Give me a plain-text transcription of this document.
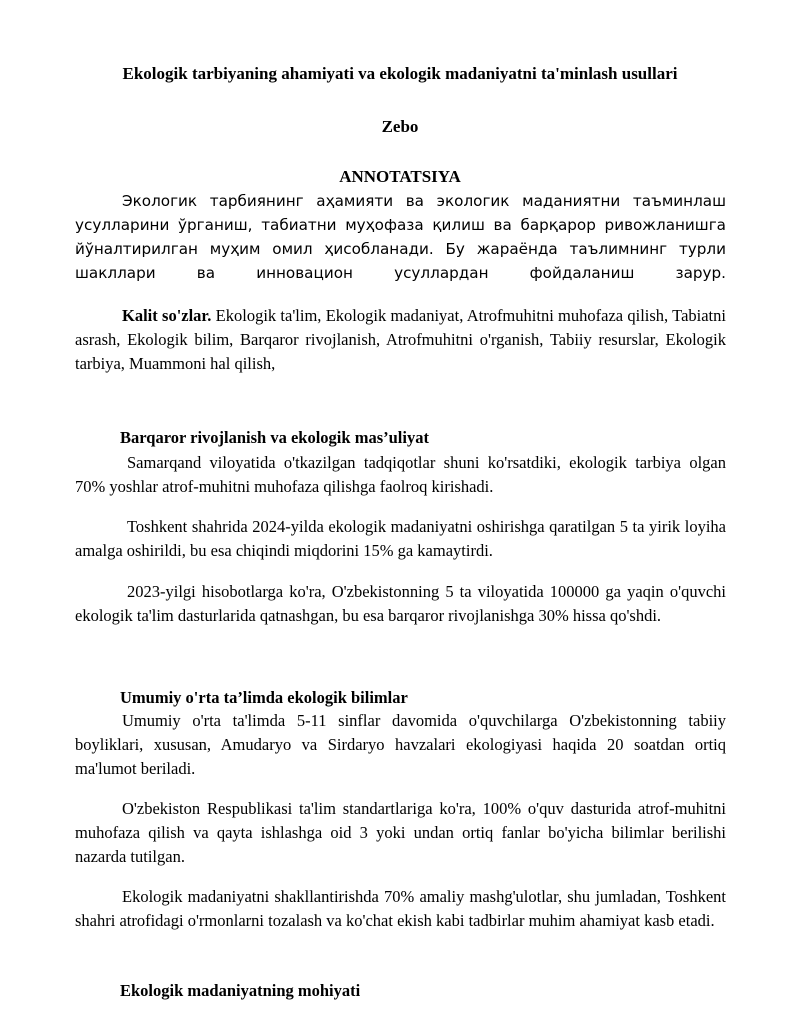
Ekologik tarbiyaning ahamiyati va ekologik madaniyatni ta'minlash usullari
Zebo
ANNOTATSIYA
Экологик тарбиянинг аҳамияти ва экологик маданиятни таъминлаш усулларини ўрганиш, табиатни муҳофаза қилиш ва барқарор ривожланишга йўналтирилган муҳим омил ҳисобланади. Бу жараёнда таълимнинг турли шакллари ва инновацион усуллардан фойдаланиш зарур.
Kalit so'zlar. Ekologik ta'lim, Ekologik madaniyat, Atrofmuhitni muhofaza qilish, Tabiatni asrash, Ekologik bilim, Barqaror rivojlanish, Atrofmuhitni o'rganish, Tabiiy resurslar, Ekologik tarbiya, Muammoni hal qilish,
Barqaror rivojlanish va ekologik mas’uliyat
Samarqand viloyatida o'tkazilgan tadqiqotlar shuni ko'rsatdiki, ekologik tarbiya olgan 70% yoshlar atrof-muhitni muhofaza qilishga faolroq kirishadi.
Toshkent shahrida 2024-yilda ekologik madaniyatni oshirishga qaratilgan 5 ta yirik loyiha amalga oshirildi, bu esa chiqindi miqdorini 15% ga kamaytirdi.
2023-yilgi hisobotlarga ko'ra, O'zbekistonning 5 ta viloyatida 100000 ga yaqin o'quvchi ekologik ta'lim dasturlarida qatnashgan, bu esa barqaror rivojlanishga 30% hissa qo'shdi.
Umumiy o'rta ta’limda ekologik bilimlar
Umumiy o'rta ta'limda 5-11 sinflar davomida o'quvchilarga O'zbekistonning tabiiy boyliklari, xususan, Amudaryo va Sirdaryo havzalari ekologiyasi haqida 20 soatdan ortiq ma'lumot beriladi.
O'zbekiston Respublikasi ta'lim standartlariga ko'ra, 100% o'quv dasturida atrof-muhitni muhofaza qilish va qayta ishlashga oid 3 yoki undan ortiq fanlar bo'yicha bilimlar berilishi nazarda tutilgan.
Ekologik madaniyatni shakllantirishda 70% amaliy mashg'ulotlar, shu jumladan, Toshkent shahri atrofidagi o'rmonlarni tozalash va ko'chat ekish kabi tadbirlar muhim ahamiyat kasb etadi.
Ekologik madaniyatning mohiyati
